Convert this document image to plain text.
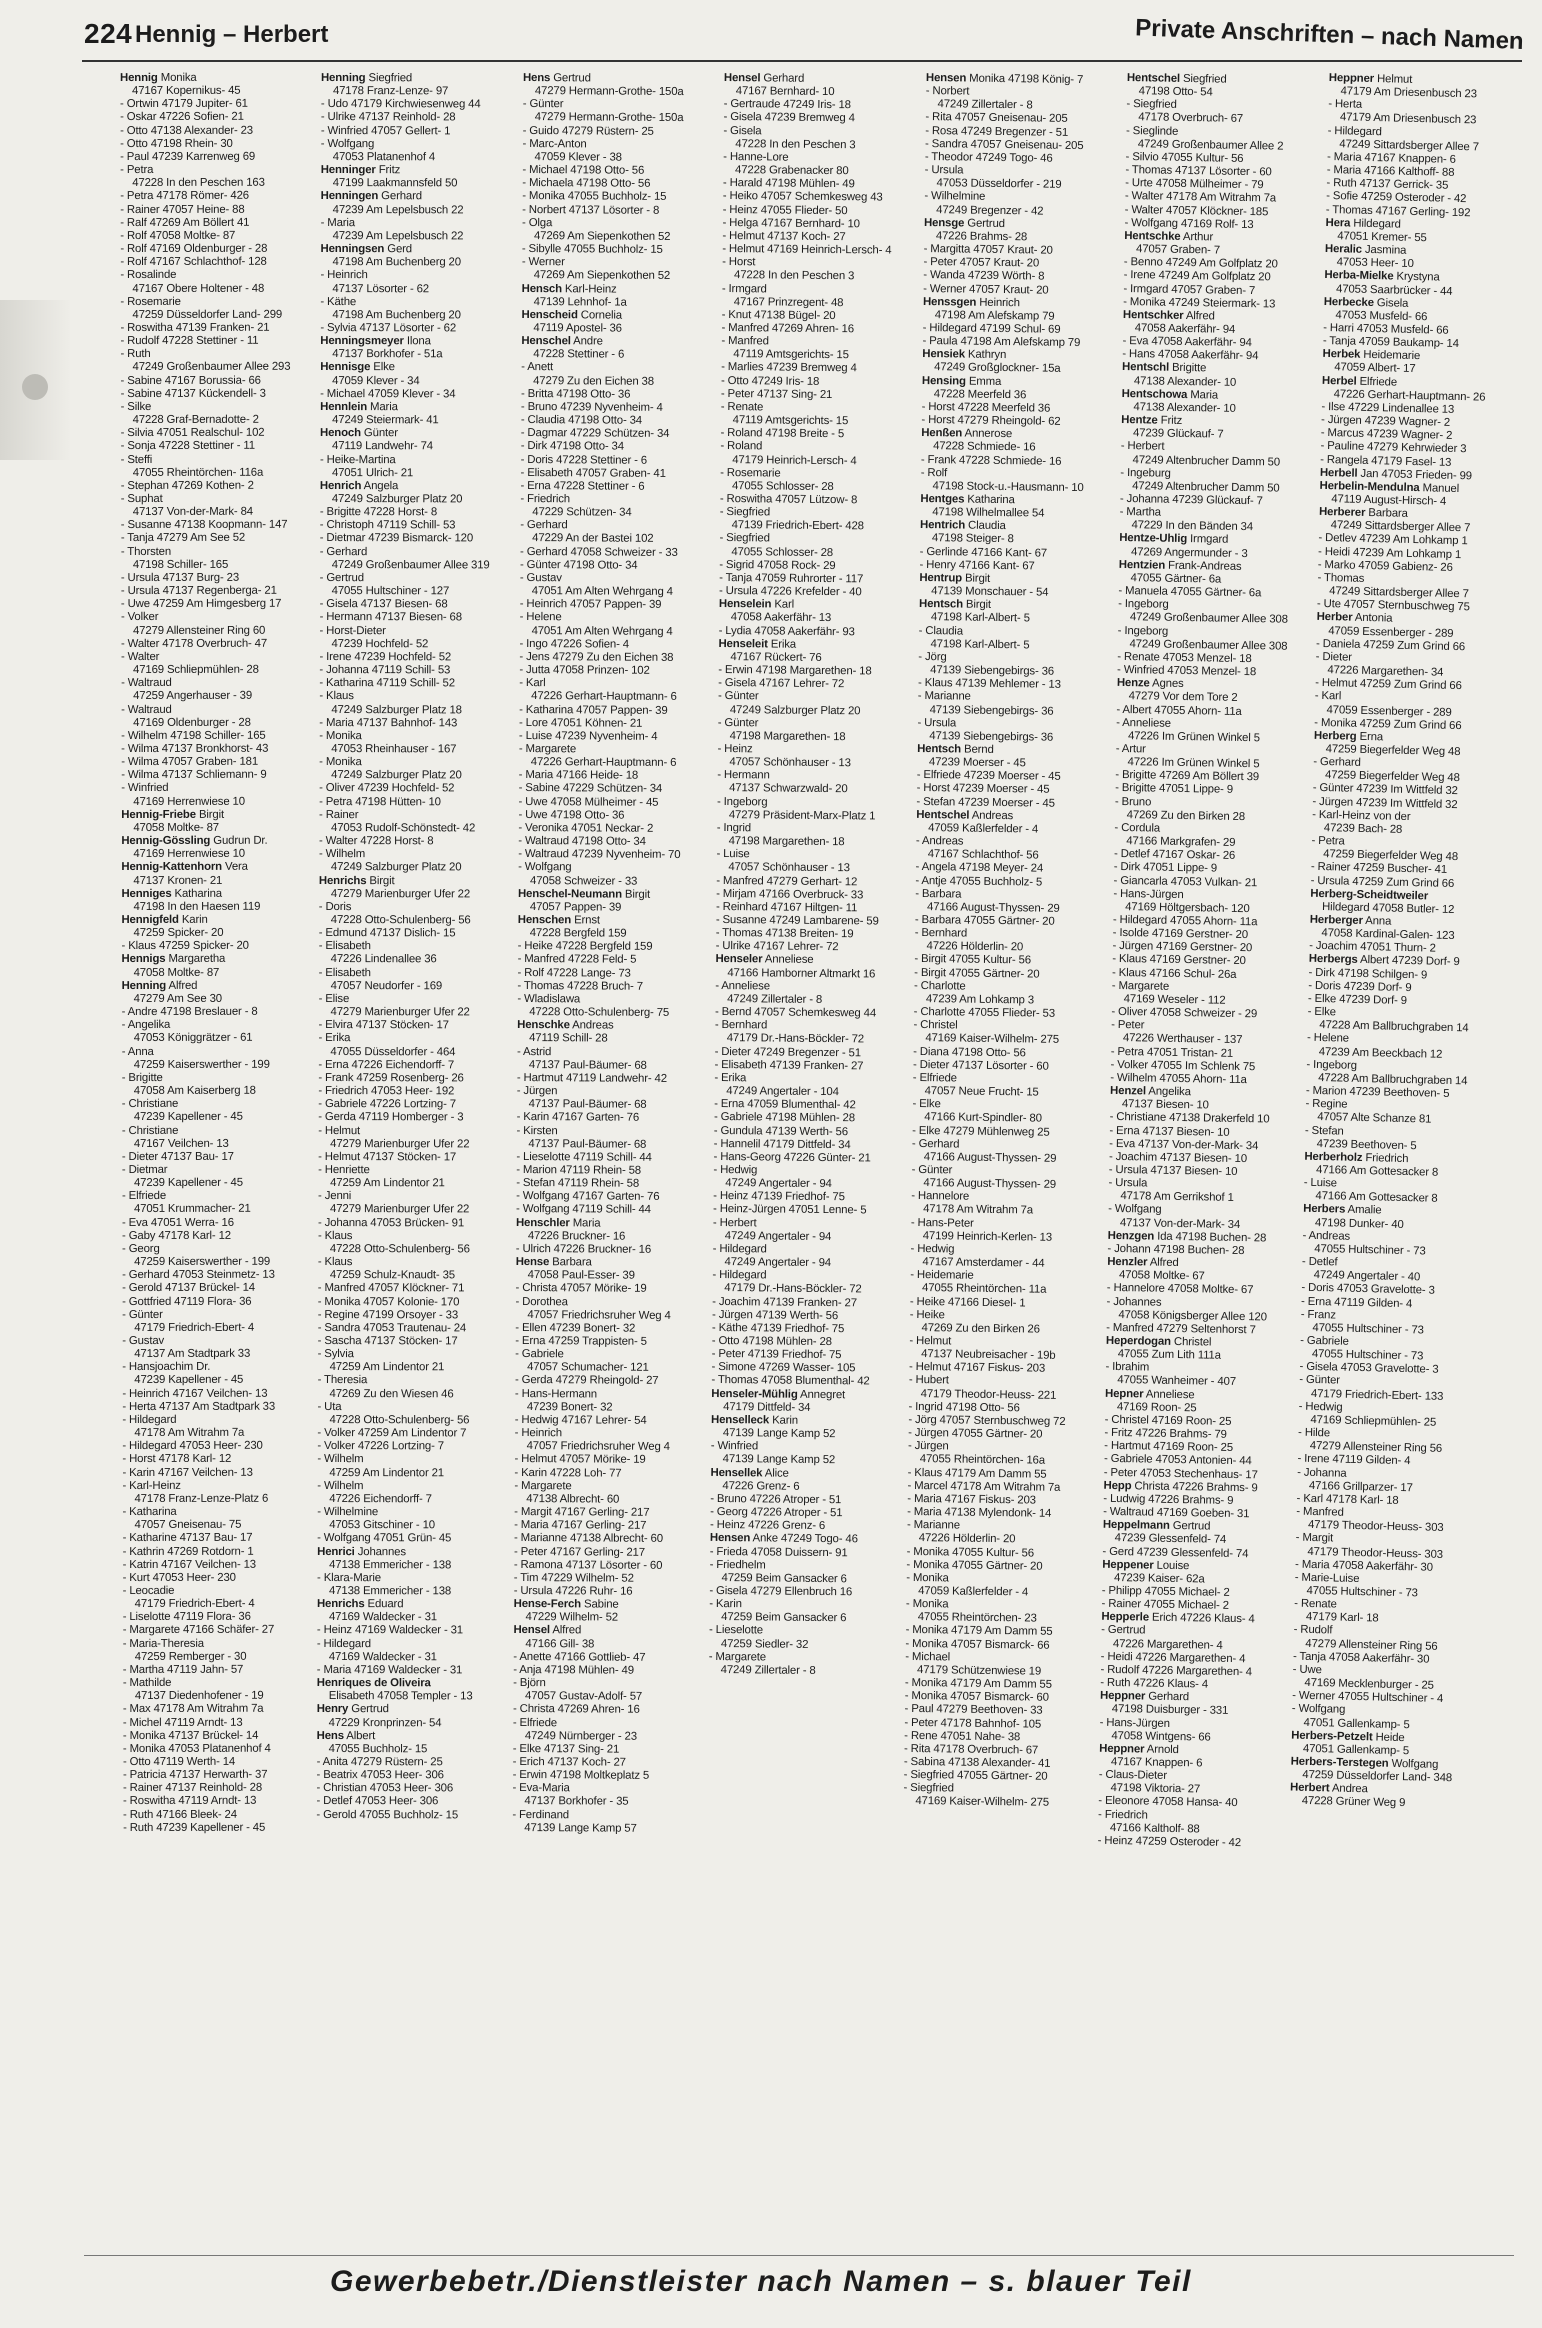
224 Hennig – Herbert	Private Anschriften – nach Namen
Hennig Monika
47167 Kopernikus- 45
- Ortwin 47179 Jupiter- 61
- Oskar 47226 Sofien- 21
- Otto 47138 Alexander- 23
- Otto 47198 Rhein- 30
- Paul 47239 Karrenweg 69
- Petra
47228 In den Peschen 163
- Petra 47178 Römer- 426
- Rainer 47057 Heine- 88
- Ralf 47269 Am Böllert 41
- Rolf 47058 Moltke- 87
- Rolf 47169 Oldenburger - 28
- Rolf 47167 Schlachthof- 128
- Rosalinde
47167 Obere Holtener - 48
- Rosemarie
47259 Düsseldorfer Land- 299
- Roswitha 47139 Franken- 21
- Rudolf 47228 Stettiner - 11
- Ruth
47249 Großenbaumer Allee 293
- Sabine 47167 Borussia- 66
- Sabine 47137 Kückendell- 3
- Silke
47228 Graf-Bernadotte- 2
- Silvia 47051 Realschul- 102
- Sonja 47228 Stettiner - 11
- Steffi
47055 Rheintörchen- 116a
- Stephan 47269 Kothen- 2
- Suphat
47137 Von-der-Mark- 84
- Susanne 47138 Koopmann- 147
- Tanja 47279 Am See 52
- Thorsten
47198 Schiller- 165
- Ursula 47137 Burg- 23
- Ursula 47137 Regenberga- 21
- Uwe 47259 Am Himgesberg 17
- Volker
47279 Allensteiner Ring 60
- Walter 47178 Overbruch- 47
- Walter
47169 Schliepmühlen- 28
- Waltraud
47259 Angerhauser - 39
- Waltraud
47169 Oldenburger - 28
- Wilhelm 47198 Schiller- 165
- Wilma 47137 Bronkhorst- 43
- Wilma 47057 Graben- 181
- Wilma 47137 Schliemann- 9
- Winfried
47169 Herrenwiese 10
Hennig-Friebe Birgit
47058 Moltke- 87
Hennig-Gössling Gudrun Dr.
47169 Herrenwiese 10
Hennig-Kattenhorn Vera
47137 Kronen- 21
Henniges Katharina
47198 In den Haesen 119
Hennigfeld Karin
47259 Spicker- 20
- Klaus 47259 Spicker- 20
Hennigs Margaretha
47058 Moltke- 87
Henning Alfred
47279 Am See 30
- Andre 47198 Breslauer - 8
- Angelika
47053 Königgrätzer - 61
- Anna
47259 Kaiserswerther - 199
- Brigitte
47058 Am Kaiserberg 18
- Christiane
47239 Kapellener - 45
- Christiane
47167 Veilchen- 13
- Dieter 47137 Bau- 17
- Dietmar
47239 Kapellener - 45
- Elfriede
47051 Krummacher- 21
- Eva 47051 Werra- 16
- Gaby 47178 Karl- 12
- Georg
47259 Kaiserswerther - 199
- Gerhard 47053 Steinmetz- 13
- Gerold 47137 Brückel- 14
- Gottfried 47119 Flora- 36
- Günter
47179 Friedrich-Ebert- 4
- Gustav
47137 Am Stadtpark 33
- Hansjoachim Dr.
47239 Kapellener - 45
- Heinrich 47167 Veilchen- 13
- Herta 47137 Am Stadtpark 33
- Hildegard
47178 Am Witrahm 7a
- Hildegard 47053 Heer- 230
- Horst 47178 Karl- 12
- Karin 47167 Veilchen- 13
- Karl-Heinz
47178 Franz-Lenze-Platz 6
- Katharina
47057 Gneisenau- 75
- Katharine 47137 Bau- 17
- Kathrin 47269 Rotdorn- 1
- Katrin 47167 Veilchen- 13
- Kurt 47053 Heer- 230
- Leocadie
47179 Friedrich-Ebert- 4
- Liselotte 47119 Flora- 36
- Margarete 47166 Schäfer- 27
- Maria-Theresia
47259 Remberger - 30
- Martha 47119 Jahn- 57
- Mathilde
47137 Diedenhofener - 19
- Max 47178 Am Witrahm 7a
- Michel 47119 Arndt- 13
- Monika 47137 Brückel- 14
- Monika 47053 Platanenhof 4
- Otto 47119 Werth- 14
- Patricia 47137 Herwarth- 37
- Rainer 47137 Reinhold- 28
- Roswitha 47119 Arndt- 13
- Ruth 47166 Bleek- 24
- Ruth 47239 Kapellener - 45
Henning Siegfried
47178 Franz-Lenze- 97
- Udo 47179 Kirchwiesenweg 44
- Ulrike 47137 Reinhold- 28
- Winfried 47057 Gellert- 1
- Wolfgang
47053 Platanenhof 4
Henninger Fritz
47199 Laakmannsfeld 50
Henningen Gerhard
47239 Am Lepelsbusch 22
- Maria
47239 Am Lepelsbusch 22
Henningsen Gerd
47198 Am Buchenberg 20
- Heinrich
47137 Lösorter - 62
- Käthe
47198 Am Buchenberg 20
- Sylvia 47137 Lösorter - 62
Henningsmeyer Ilona
47137 Borkhofer - 51a
Hennisge Elke
47059 Klever - 34
- Michael 47059 Klever - 34
Hennlein Maria
47249 Steiermark- 41
Henoch Günter
47119 Landwehr- 74
- Heike-Martina
47051 Ulrich- 21
Henrich Angela
47249 Salzburger Platz 20
- Brigitte 47228 Horst- 8
- Christoph 47119 Schill- 53
- Dietmar 47239 Bismarck- 120
- Gerhard
47249 Großenbaumer Allee 319
- Gertrud
47055 Hultschiner - 127
- Gisela 47137 Biesen- 68
- Hermann 47137 Biesen- 68
- Horst-Dieter
47239 Hochfeld- 52
- Irene 47239 Hochfeld- 52
- Johanna 47119 Schill- 53
- Katharina 47119 Schill- 52
- Klaus
47249 Salzburger Platz 18
- Maria 47137 Bahnhof- 143
- Monika
47053 Rheinhauser - 167
- Monika
47249 Salzburger Platz 20
- Oliver 47239 Hochfeld- 52
- Petra 47198 Hütten- 10
- Rainer
47053 Rudolf-Schönstedt- 42
- Walter 47228 Horst- 8
- Wilhelm
47249 Salzburger Platz 20
Henrichs Birgit
47279 Marienburger Ufer 22
- Doris
47228 Otto-Schulenberg- 56
- Edmund 47137 Dislich- 15
- Elisabeth
47226 Lindenallee 36
- Elisabeth
47057 Neudorfer - 169
- Elise
47279 Marienburger Ufer 22
- Elvira 47137 Stöcken- 17
- Erika
47055 Düsseldorfer - 464
- Erna 47226 Eichendorff- 7
- Frank 47259 Rosenberg- 26
- Friedrich 47053 Heer- 192
- Gabriele 47226 Lortzing- 7
- Gerda 47119 Homberger - 3
- Helmut
47279 Marienburger Ufer 22
- Helmut 47137 Stöcken- 17
- Henriette
47259 Am Lindentor 21
- Jenni
47279 Marienburger Ufer 22
- Johanna 47053 Brücken- 91
- Klaus
47228 Otto-Schulenberg- 56
- Klaus
47259 Schulz-Knaudt- 35
- Manfred 47057 Klöckner- 71
- Monika 47057 Kolonie- 170
- Regine 47199 Orsoyer - 33
- Sandra 47053 Trautenau- 24
- Sascha 47137 Stöcken- 17
- Sylvia
47259 Am Lindentor 21
- Theresia
47269 Zu den Wiesen 46
- Uta
47228 Otto-Schulenberg- 56
- Volker 47259 Am Lindentor 7
- Volker 47226 Lortzing- 7
- Wilhelm
47259 Am Lindentor 21
- Wilhelm
47226 Eichendorff- 7
- Wilhelmine
47053 Gitschiner - 10
- Wolfgang 47051 Grün- 45
Henrici Johannes
47138 Emmericher - 138
- Klara-Marie
47138 Emmericher - 138
Henrichs Eduard
47169 Waldecker - 31
- Heinz 47169 Waldecker - 31
- Hildegard
47169 Waldecker - 31
- Maria 47169 Waldecker - 31
Henriques de Oliveira
Elisabeth 47058 Templer - 13
Henry Gertrud
47229 Kronprinzen- 54
Hens Albert
47055 Buchholz- 15
- Anita 47279 Rüstern- 25
- Beatrix 47053 Heer- 306
- Christian 47053 Heer- 306
- Detlef 47053 Heer- 306
- Gerold 47055 Buchholz- 15
Hens Gertrud
47279 Hermann-Grothe- 150a
- Günter
47279 Hermann-Grothe- 150a
- Guido 47279 Rüstern- 25
- Marc-Anton
47059 Klever - 38
- Michael 47198 Otto- 56
- Michaela 47198 Otto- 56
- Monika 47055 Buchholz- 15
- Norbert 47137 Lösorter - 8
- Olga
47269 Am Siepenkothen 52
- Sibylle 47055 Buchholz- 15
- Werner
47269 Am Siepenkothen 52
Hensch Karl-Heinz
47139 Lehnhof- 1a
Henscheid Cornelia
47119 Apostel- 36
Henschel Andre
47228 Stettiner - 6
- Anett
47279 Zu den Eichen 38
- Britta 47198 Otto- 36
- Bruno 47239 Nyvenheim- 4
- Claudia 47198 Otto- 34
- Dagmar 47229 Schützen- 34
- Dirk 47198 Otto- 34
- Doris 47228 Stettiner - 6
- Elisabeth 47057 Graben- 41
- Erna 47228 Stettiner - 6
- Friedrich
47229 Schützen- 34
- Gerhard
47229 An der Bastei 102
- Gerhard 47058 Schweizer - 33
- Günter 47198 Otto- 34
- Gustav
47051 Am Alten Wehrgang 4
- Heinrich 47057 Pappen- 39
- Helene
47051 Am Alten Wehrgang 4
- Ingo 47226 Sofien- 4
- Jens 47279 Zu den Eichen 38
- Jutta 47058 Prinzen- 102
- Karl
47226 Gerhart-Hauptmann- 6
- Katharina 47057 Pappen- 39
- Lore 47051 Köhnen- 21
- Luise 47239 Nyvenheim- 4
- Margarete
47226 Gerhart-Hauptmann- 6
- Maria 47166 Heide- 18
- Sabine 47229 Schützen- 34
- Uwe 47058 Mülheimer - 45
- Uwe 47198 Otto- 36
- Veronika 47051 Neckar- 2
- Waltraud 47198 Otto- 34
- Waltraud 47239 Nyvenheim- 70
- Wolfgang
47058 Schweizer - 33
Henschel-Neumann Birgit
47057 Pappen- 39
Henschen Ernst
47228 Bergfeld 159
- Heike 47228 Bergfeld 159
- Manfred 47228 Feld- 5
- Rolf 47228 Lange- 73
- Thomas 47228 Bruch- 7
- Wladislawa
47228 Otto-Schulenberg- 75
Henschke Andreas
47119 Schill- 28
- Astrid
47137 Paul-Bäumer- 68
- Hartmut 47119 Landwehr- 42
- Jürgen
47137 Paul-Bäumer- 68
- Karin 47167 Garten- 76
- Kirsten
47137 Paul-Bäumer- 68
- Lieselotte 47119 Schill- 44
- Marion 47119 Rhein- 58
- Stefan 47119 Rhein- 58
- Wolfgang 47167 Garten- 76
- Wolfgang 47119 Schill- 44
Henschler Maria
47226 Bruckner- 16
- Ulrich 47226 Bruckner- 16
Hense Barbara
47058 Paul-Esser- 39
- Christa 47057 Mörike- 19
- Dorothea
47057 Friedrichsruher Weg 4
- Ellen 47239 Bonert- 32
- Erna 47259 Trappisten- 5
- Gabriele
47057 Schumacher- 121
- Gerda 47279 Rheingold- 27
- Hans-Hermann
47239 Bonert- 32
- Hedwig 47167 Lehrer- 54
- Heinrich
47057 Friedrichsruher Weg 4
- Helmut 47057 Mörike- 19
- Karin 47228 Loh- 77
- Margarete
47138 Albrecht- 60
- Margit 47167 Gerling- 217
- Maria 47167 Gerling- 217
- Marianne 47138 Albrecht- 60
- Peter 47167 Gerling- 217
- Ramona 47137 Lösorter - 60
- Tim 47229 Wilhelm- 52
- Ursula 47226 Ruhr- 16
Hense-Ferch Sabine
47229 Wilhelm- 52
Hensel Alfred
47166 Gill- 38
- Anette 47166 Gottlieb- 47
- Anja 47198 Mühlen- 49
- Björn
47057 Gustav-Adolf- 57
- Christa 47269 Ahren- 16
- Elfriede
47249 Nürnberger - 23
- Elke 47137 Sing- 21
- Erich 47137 Koch- 27
- Erwin 47198 Moltkeplatz 5
- Eva-Maria
47137 Borkhofer - 35
- Ferdinand
47139 Lange Kamp 57
Hensel Gerhard
47167 Bernhard- 10
- Gertraude 47249 Iris- 18
- Gisela 47239 Bremweg 4
- Gisela
47228 In den Peschen 3
- Hanne-Lore
47228 Grabenacker 80
- Harald 47198 Mühlen- 49
- Heiko 47057 Schemkesweg 43
- Heinz 47055 Flieder- 50
- Helga 47167 Bernhard- 10
- Helmut 47137 Koch- 27
- Helmut 47169 Heinrich-Lersch- 4
- Horst
47228 In den Peschen 3
- Irmgard
47167 Prinzregent- 48
- Knut 47138 Bügel- 20
- Manfred 47269 Ahren- 16
- Manfred
47119 Amtsgerichts- 15
- Marlies 47239 Bremweg 4
- Otto 47249 Iris- 18
- Peter 47137 Sing- 21
- Renate
47119 Amtsgerichts- 15
- Roland 47198 Breite - 5
- Roland
47179 Heinrich-Lersch- 4
- Rosemarie
47055 Schlosser- 28
- Roswitha 47057 Lützow- 8
- Siegfried
47139 Friedrich-Ebert- 428
- Siegfried
47055 Schlosser- 28
- Sigrid 47058 Rock- 29
- Tanja 47059 Ruhrorter - 117
- Ursula 47226 Krefelder - 40
Henselein Karl
47058 Aakerfähr- 13
- Lydia 47058 Aakerfähr- 93
Henseleit Erika
47167 Rückert- 76
- Erwin 47198 Margarethen- 18
- Gisela 47167 Lehrer- 72
- Günter
47249 Salzburger Platz 20
- Günter
47198 Margarethen- 18
- Heinz
47057 Schönhauser - 13
- Hermann
47137 Schwarzwald- 20
- Ingeborg
47279 Präsident-Marx-Platz 1
- Ingrid
47198 Margarethen- 18
- Luise
47057 Schönhauser - 13
- Manfred 47279 Gerhart- 12
- Mirjam 47166 Overbruck- 33
- Reinhard 47167 Hiltgen- 11
- Susanne 47249 Lambarene- 59
- Thomas 47138 Breiten- 19
- Ulrike 47167 Lehrer- 72
Henseler Anneliese
47166 Hamborner Altmarkt 16
- Anneliese
47249 Zillertaler - 8
- Bernd 47057 Schemkesweg 44
- Bernhard
47179 Dr.-Hans-Böckler- 72
- Dieter 47249 Bregenzer - 51
- Elisabeth 47139 Franken- 27
- Erika
47249 Angertaler - 104
- Erna 47059 Blumenthal- 42
- Gabriele 47198 Mühlen- 28
- Gundula 47139 Werth- 56
- Hannelil 47179 Dittfeld- 34
- Hans-Georg 47226 Günter- 21
- Hedwig
47249 Angertaler - 94
- Heinz 47139 Friedhof- 75
- Heinz-Jürgen 47051 Lenne- 5
- Herbert
47249 Angertaler - 94
- Hildegard
47249 Angertaler - 94
- Hildegard
47179 Dr.-Hans-Böckler- 72
- Joachim 47139 Franken- 27
- Jürgen 47139 Werth- 56
- Käthe 47139 Friedhof- 75
- Otto 47198 Mühlen- 28
- Peter 47139 Friedhof- 75
- Simone 47269 Wasser- 105
- Thomas 47058 Blumenthal- 42
Henseler-Mühlig Annegret
47179 Dittfeld- 34
Henselleck Karin
47139 Lange Kamp 52
- Winfried
47139 Lange Kamp 52
Hensellek Alice
47226 Grenz- 6
- Bruno 47226 Atroper - 51
- Georg 47226 Atroper - 51
- Heinz 47226 Grenz- 6
Hensen Anke 47249 Togo- 46
- Frieda 47058 Duissern- 91
- Friedhelm
47259 Beim Gansacker 6
- Gisela 47279 Ellenbruch 16
- Karin
47259 Beim Gansacker 6
- Lieselotte
47259 Siedler- 32
- Margarete
47249 Zillertaler - 8
Hensen Monika 47198 König- 7
- Norbert
47249 Zillertaler - 8
- Rita 47057 Gneisenau- 205
- Rosa 47249 Bregenzer - 51
- Sandra 47057 Gneisenau- 205
- Theodor 47249 Togo- 46
- Ursula
47053 Düsseldorfer - 219
- Wilhelmine
47249 Bregenzer - 42
Hensge Gertrud
47226 Brahms- 28
- Margitta 47057 Kraut- 20
- Peter 47057 Kraut- 20
- Wanda 47239 Wörth- 8
- Werner 47057 Kraut- 20
Henssgen Heinrich
47198 Am Alefskamp 79
- Hildegard 47199 Schul- 69
- Paula 47198 Am Alefskamp 79
Hensiek Kathryn
47249 Großglockner- 15a
Hensing Emma
47228 Meerfeld 36
- Horst 47228 Meerfeld 36
- Horst 47279 Rheingold- 62
Henßen Annerose
47228 Schmiede- 16
- Frank 47228 Schmiede- 16
- Rolf
47198 Stock-u.-Hausmann- 10
Hentges Katharina
47198 Wilhelmallee 54
Hentrich Claudia
47198 Steiger- 8
- Gerlinde 47166 Kant- 67
- Henry 47166 Kant- 67
Hentrup Birgit
47139 Monschauer - 54
Hentsch Birgit
47198 Karl-Albert- 5
- Claudia
47198 Karl-Albert- 5
- Jörg
47139 Siebengebirgs- 36
- Klaus 47139 Mehlemer - 13
- Marianne
47139 Siebengebirgs- 36
- Ursula
47139 Siebengebirgs- 36
Hentsch Bernd
47239 Moerser - 45
- Elfriede 47239 Moerser - 45
- Horst 47239 Moerser - 45
- Stefan 47239 Moerser - 45
Hentschel Andreas
47059 Kaßlerfelder - 4
- Andreas
47167 Schlachthof- 56
- Angela 47198 Meyer- 24
- Antje 47055 Buchholz- 5
- Barbara
47166 August-Thyssen- 29
- Barbara 47055 Gärtner- 20
- Bernhard
47226 Hölderlin- 20
- Birgit 47055 Kultur- 56
- Birgit 47055 Gärtner- 20
- Charlotte
47239 Am Lohkamp 3
- Charlotte 47055 Flieder- 53
- Christel
47169 Kaiser-Wilhelm- 275
- Diana 47198 Otto- 56
- Dieter 47137 Lösorter - 60
- Elfriede
47057 Neue Frucht- 15
- Elke
47166 Kurt-Spindler- 80
- Elke 47279 Mühlenweg 25
- Gerhard
47166 August-Thyssen- 29
- Günter
47166 August-Thyssen- 29
- Hannelore
47178 Am Witrahm 7a
- Hans-Peter
47199 Heinrich-Kerlen- 13
- Hedwig
47167 Amsterdamer - 44
- Heidemarie
47055 Rheintörchen- 11a
- Heike 47166 Diesel- 1
- Heike
47269 Zu den Birken 26
- Helmut
47137 Neubreisacher - 19b
- Helmut 47167 Fiskus- 203
- Hubert
47179 Theodor-Heuss- 221
- Ingrid 47198 Otto- 56
- Jörg 47057 Sternbuschweg 72
- Jürgen 47055 Gärtner- 20
- Jürgen
47055 Rheintörchen- 16a
- Klaus 47179 Am Damm 55
- Marcel 47178 Am Witrahm 7a
- Maria 47167 Fiskus- 203
- Maria 47138 Mylendonk- 14
- Marianne
47226 Hölderlin- 20
- Monika 47055 Kultur- 56
- Monika 47055 Gärtner- 20
- Monika
47059 Kaßlerfelder - 4
- Monika
47055 Rheintörchen- 23
- Monika 47179 Am Damm 55
- Monika 47057 Bismarck- 66
- Michael
47179 Schützenwiese 19
- Monika 47179 Am Damm 55
- Monika 47057 Bismarck- 60
- Paul 47279 Beethoven- 33
- Peter 47178 Bahnhof- 105
- Rene 47051 Nahe- 38
- Rita 47178 Overbruch- 67
- Sabina 47138 Alexander- 41
- Siegfried 47055 Gärtner- 20
- Siegfried
47169 Kaiser-Wilhelm- 275
Hentschel Siegfried
47198 Otto- 54
- Siegfried
47178 Overbruch- 67
- Sieglinde
47249 Großenbaumer Allee 2
- Silvio 47055 Kultur- 56
- Thomas 47137 Lösorter - 60
- Urte 47058 Mülheimer - 79
- Walter 47178 Am Witrahm 7a
- Walter 47057 Klöckner- 185
- Wolfgang 47169 Rolf- 13
Hentschke Arthur
47057 Graben- 7
- Benno 47249 Am Golfplatz 20
- Irene 47249 Am Golfplatz 20
- Irmgard 47057 Graben- 7
- Monika 47249 Steiermark- 13
Hentschker Alfred
47058 Aakerfähr- 94
- Eva 47058 Aakerfähr- 94
- Hans 47058 Aakerfähr- 94
Hentschl Brigitte
47138 Alexander- 10
Hentschowa Maria
47138 Alexander- 10
Hentze Fritz
47239 Glückauf- 7
- Herbert
47249 Altenbrucher Damm 50
- Ingeburg
47249 Altenbrucher Damm 50
- Johanna 47239 Glückauf- 7
- Martha
47229 In den Bänden 34
Hentze-Uhlig Irmgard
47269 Angermunder - 3
Hentzien Frank-Andreas
47055 Gärtner- 6a
- Manuela 47055 Gärtner- 6a
- Ingeborg
47249 Großenbaumer Allee 308
- Ingeborg
47249 Großenbaumer Allee 308
- Renate 47053 Menzel- 18
- Winfried 47053 Menzel- 18
Henze Agnes
47279 Vor dem Tore 2
- Albert 47055 Ahorn- 11a
- Anneliese
47226 Im Grünen Winkel 5
- Artur
47226 Im Grünen Winkel 5
- Brigitte 47269 Am Böllert 39
- Brigitte 47051 Lippe- 9
- Bruno
47269 Zu den Birken 28
- Cordula
47166 Markgrafen- 29
- Detlef 47167 Oskar- 26
- Dirk 47051 Lippe- 9
- Giancarla 47053 Vulkan- 21
- Hans-Jürgen
47169 Höltgersbach- 120
- Hildegard 47055 Ahorn- 11a
- Isolde 47169 Gerstner- 20
- Jürgen 47169 Gerstner- 20
- Klaus 47169 Gerstner- 20
- Klaus 47166 Schul- 26a
- Margarete
47169 Weseler - 112
- Oliver 47058 Schweizer - 29
- Peter
47226 Werthauser - 137
- Petra 47051 Tristan- 21
- Volker 47055 Im Schlenk 75
- Wilhelm 47055 Ahorn- 11a
Henzel Angelika
47137 Biesen- 10
- Christiane 47138 Drakerfeld 10
- Erna 47137 Biesen- 10
- Eva 47137 Von-der-Mark- 34
- Joachim 47137 Biesen- 10
- Ursula 47137 Biesen- 10
- Ursula
47178 Am Gerrikshof 1
- Wolfgang
47137 Von-der-Mark- 34
Henzgen Ida 47198 Buchen- 28
- Johann 47198 Buchen- 28
Henzler Alfred
47058 Moltke- 67
- Hannelore 47058 Moltke- 67
- Johannes
47058 Königsberger Allee 120
- Manfred 47279 Seltenhorst 7
Heperdogan Christel
47055 Zum Lith 111a
- Ibrahim
47055 Wanheimer - 407
Hepner Anneliese
47169 Roon- 25
- Christel 47169 Roon- 25
- Fritz 47226 Brahms- 79
- Hartmut 47169 Roon- 25
- Gabriele 47053 Antonien- 44
- Peter 47053 Stechenhaus- 17
Hepp Christa 47226 Brahms- 9
- Ludwig 47226 Brahms- 9
- Waltraud 47169 Goeben- 31
Heppelmann Gertrud
47239 Glessenfeld- 74
- Gerd 47239 Glessenfeld- 74
Heppener Louise
47239 Kaiser- 62a
- Philipp 47055 Michael- 2
- Rainer 47055 Michael- 2
Hepperle Erich 47226 Klaus- 4
- Gertrud
47226 Margarethen- 4
- Heidi 47226 Margarethen- 4
- Rudolf 47226 Margarethen- 4
- Ruth 47226 Klaus- 4
Heppner Gerhard
47198 Duisburger - 331
- Hans-Jürgen
47058 Wintgens- 66
Heppner Arnold
47167 Knappen- 6
- Claus-Dieter
47198 Viktoria- 27
- Eleonore 47058 Hansa- 40
- Friedrich
47166 Kaltholf- 88
- Heinz 47259 Osteroder - 42
Heppner Helmut
47179 Am Driesenbusch 23
- Herta
47179 Am Driesenbusch 23
- Hildegard
47249 Sittardsberger Allee 7
- Maria 47167 Knappen- 6
- Maria 47166 Kalthoff- 88
- Ruth 47137 Gerrick- 35
- Sofie 47259 Osteroder - 42
- Thomas 47167 Gerling- 192
Hera Hildegard
47051 Kremer- 55
Heralic Jasmina
47053 Heer- 10
Herba-Mielke Krystyna
47053 Saarbrücker - 44
Herbecke Gisela
47053 Musfeld- 66
- Harri 47053 Musfeld- 66
- Tanja 47059 Baukamp- 14
Herbek Heidemarie
47059 Albert- 17
Herbel Elfriede
47226 Gerhart-Hauptmann- 26
- Ilse 47229 Lindenallee 13
- Jürgen 47239 Wagner- 2
- Marcus 47239 Wagner- 2
- Pauline 47279 Kehrwieder 3
- Rangela 47179 Fasel- 13
Herbell Jan 47053 Frieden- 99
Herbelin-Mendulna Manuel
47119 August-Hirsch- 4
Herberer Barbara
47249 Sittardsberger Allee 7
- Detlev 47239 Am Lohkamp 1
- Heidi 47239 Am Lohkamp 1
- Marko 47059 Gabienz- 26
- Thomas
47249 Sittardsberger Allee 7
- Ute 47057 Sternbuschweg 75
Herber Antonia
47059 Essenberger - 289
- Daniela 47259 Zum Grind 66
- Dieter
47226 Margarethen- 34
- Helmut 47259 Zum Grind 66
- Karl
47059 Essenberger - 289
- Monika 47259 Zum Grind 66
Herberg Erna
47259 Biegerfelder Weg 48
- Gerhard
47259 Biegerfelder Weg 48
- Günter 47239 Im Wittfeld 32
- Jürgen 47239 Im Wittfeld 32
- Karl-Heinz von der
47239 Bach- 28
- Petra
47259 Biegerfelder Weg 48
- Rainer 47259 Buscher- 41
- Ursula 47259 Zum Grind 66
Herberg-Scheidtweiler
Hildegard 47058 Butler- 12
Herberger Anna
47058 Kardinal-Galen- 123
- Joachim 47051 Thurn- 2
Herbergs Albert 47239 Dorf- 9
- Dirk 47198 Schilgen- 9
- Doris 47239 Dorf- 9
- Elke 47239 Dorf- 9
- Elke
47228 Am Ballbruchgraben 14
- Helene
47239 Am Beeckbach 12
- Ingeborg
47228 Am Ballbruchgraben 14
- Marion 47239 Beethoven- 5
- Regine
47057 Alte Schanze 81
- Stefan
47239 Beethoven- 5
Herberholz Friedrich
47166 Am Gottesacker 8
- Luise
47166 Am Gottesacker 8
Herbers Amalie
47198 Dunker- 40
- Andreas
47055 Hultschiner - 73
- Detlef
47249 Angertaler - 40
- Doris 47053 Gravelotte- 3
- Erna 47119 Gilden- 4
- Franz
47055 Hultschiner - 73
- Gabriele
47055 Hultschiner - 73
- Gisela 47053 Gravelotte- 3
- Günter
47179 Friedrich-Ebert- 133
- Hedwig
47169 Schliepmühlen- 25
- Hilde
47279 Allensteiner Ring 56
- Irene 47119 Gilden- 4
- Johanna
47166 Grillparzer- 17
- Karl 47178 Karl- 18
- Manfred
47179 Theodor-Heuss- 303
- Margit
47179 Theodor-Heuss- 303
- Maria 47058 Aakerfähr- 30
- Marie-Luise
47055 Hultschiner - 73
- Renate
47179 Karl- 18
- Rudolf
47279 Allensteiner Ring 56
- Tanja 47058 Aakerfähr- 30
- Uwe
47169 Mecklenburger - 25
- Werner 47055 Hultschiner - 4
- Wolfgang
47051 Gallenkamp- 5
Herbers-Petzelt Heide
47051 Gallenkamp- 5
Herbers-Terstegen Wolfgang
47259 Düsseldorfer Land- 348
Herbert Andrea
47228 Grüner Weg 9
Gewerbebetr./Dienstleister nach Namen – s. blauer Teil
